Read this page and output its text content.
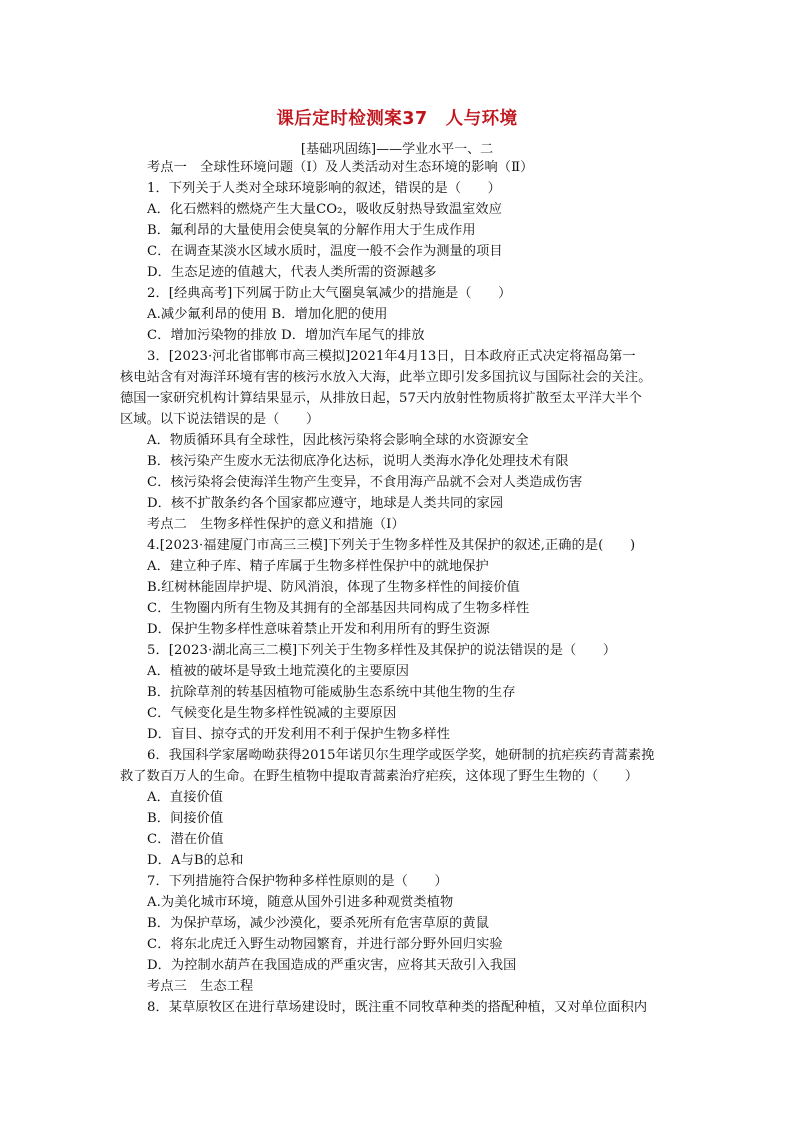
课后定时检测案37　人与环境
[基础巩固练]——学业水平一、二
考点一　全球性环境问题（Ⅰ）及人类活动对生态环境的影响（Ⅱ）
1．下列关于人类对全球环境影响的叙述，错误的是（　　）
A．化石燃料的燃烧产生大量CO₂，吸收反射热导致温室效应
B．氟利昂的大量使用会使臭氧的分解作用大于生成作用
C．在调查某淡水区域水质时，温度一般不会作为测量的项目
D．生态足迹的值越大，代表人类所需的资源越多
2．[经典高考]下列属于防止大气圈臭氧减少的措施是（　　）
A.减少氟利昂的使用 B．增加化肥的使用
C．增加污染物的排放 D．增加汽车尾气的排放
3．[2023·河北省邯郸市高三模拟]2021年4月13日，日本政府正式决定将福岛第一
核电站含有对海洋环境有害的核污水放入大海，此举立即引发多国抗议与国际社会的关注。
德国一家研究机构计算结果显示，从排放日起，57天内放射性物质将扩散至太平洋大半个
区域。以下说法错误的是（　　）
A．物质循环具有全球性，因此核污染将会影响全球的水资源安全
B．核污染产生废水无法彻底净化达标，说明人类海水净化处理技术有限
C．核污染将会使海洋生物产生变异，不食用海产品就不会对人类造成伤害
D．核不扩散条约各个国家都应遵守，地球是人类共同的家园
考点二　生物多样性保护的意义和措施（Ⅰ）
4.[2023·福建厦门市高三三模]下列关于生物多样性及其保护的叙述,正确的是(　　)
A．建立种子库、精子库属于生物多样性保护中的就地保护
B.红树林能固岸护堤、防风消浪，体现了生物多样性的间接价值
C．生物圈内所有生物及其拥有的全部基因共同构成了生物多样性
D．保护生物多样性意味着禁止开发和利用所有的野生资源
5．[2023·湖北高三二模]下列关于生物多样性及其保护的说法错误的是（　　）
A．植被的破坏是导致土地荒漠化的主要原因
B．抗除草剂的转基因植物可能威胁生态系统中其他生物的生存
C．气候变化是生物多样性锐减的主要原因
D．盲目、掠夺式的开发利用不利于保护生物多样性
6．我国科学家屠呦呦获得2015年诺贝尔生理学或医学奖，她研制的抗疟疾药青蒿素挽
救了数百万人的生命。在野生植物中提取青蒿素治疗疟疾，这体现了野生生物的（　　）
A．直接价值
B．间接价值
C．潜在价值
D．A与B的总和
7．下列措施符合保护物种多样性原则的是（　　）
A.为美化城市环境，随意从国外引进多种观赏类植物
B．为保护草场，减少沙漠化，要杀死所有危害草原的黄鼠
C．将东北虎迁入野生动物园繁育，并进行部分野外回归实验
D．为控制水葫芦在我国造成的严重灾害，应将其天敌引入我国
考点三　生态工程
8．某草原牧区在进行草场建设时，既注重不同牧草种类的搭配种植，又对单位面积内
